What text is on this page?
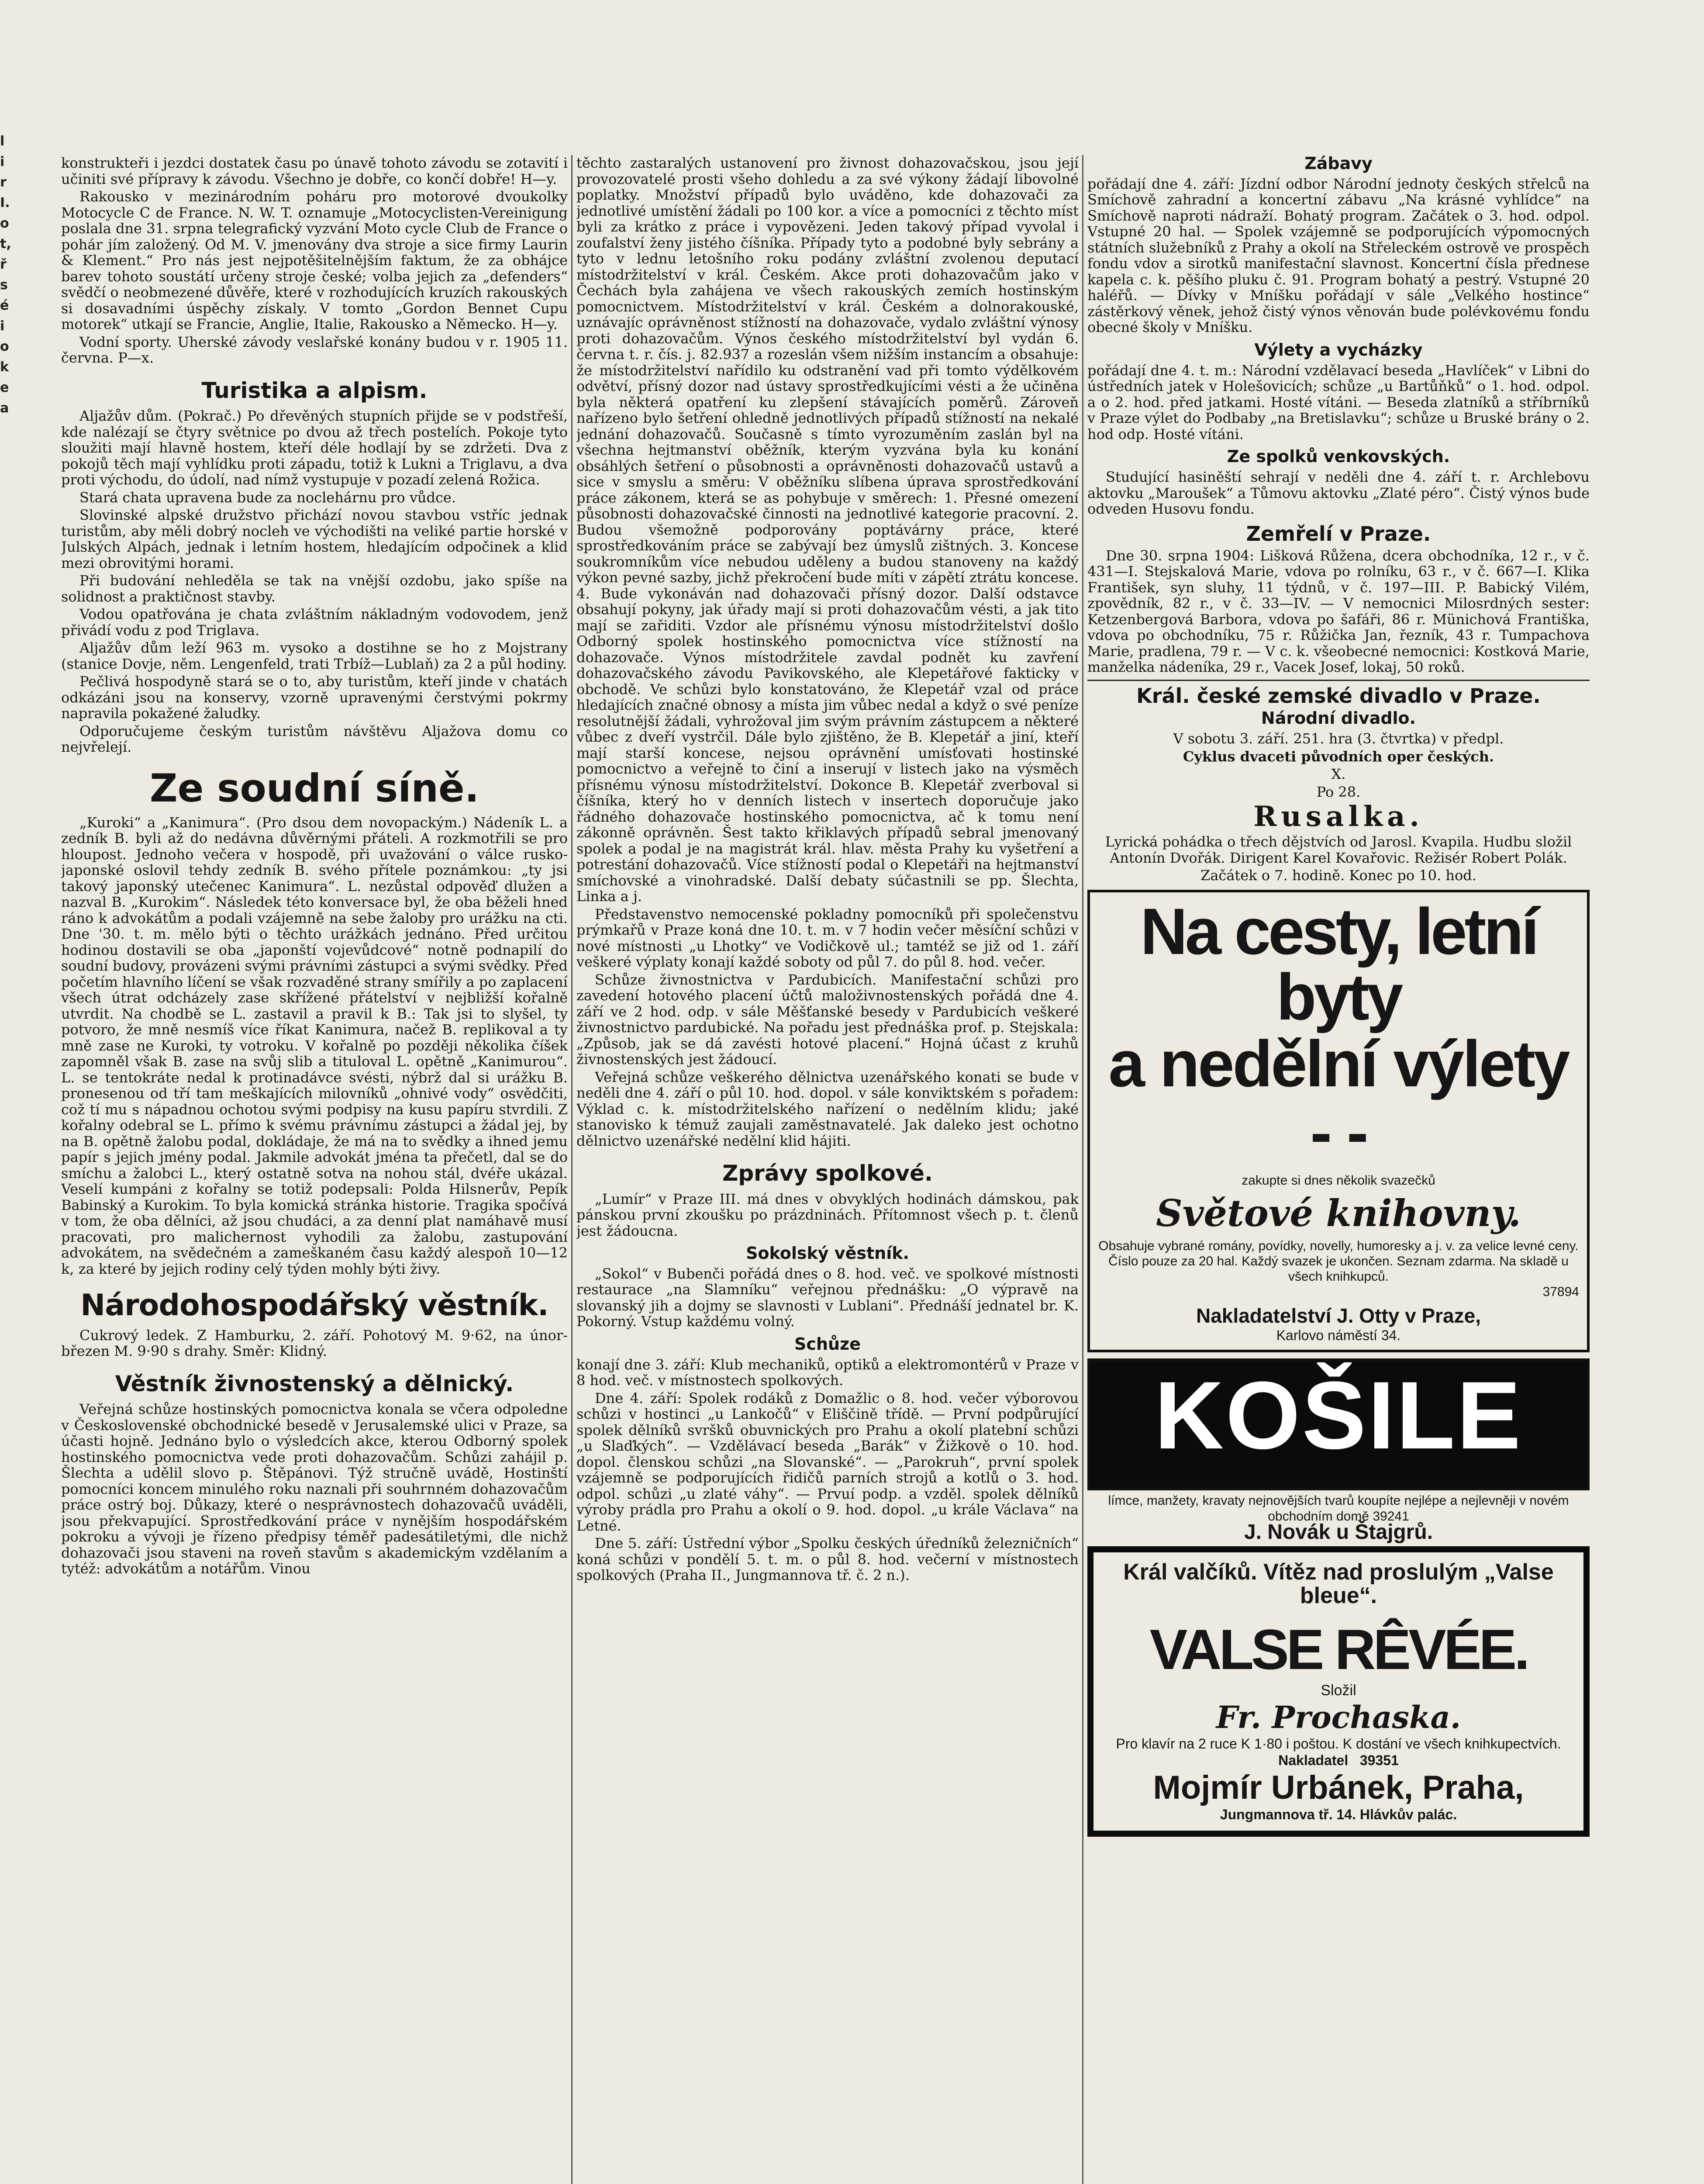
l
i
r
I.
o
t,
ř
s
é
i
o
k
e
a

konstrukteři i jezdci dostatek času po únavě tohoto závodu se zotavití i učiniti své přípravy k závodu. Všechno je dobře, co končí dobře! H—y.

Rakousko v mezinárodním poháru pro motorové dvoukolky Motocycle C de France. N. W. T. oznamuje „Motocyclisten-Vereinigung poslala dne 31. srpna telegrafický vyzvání Moto cycle Club de France o pohár jím založený. Od M. V. jmenovány dva stroje a sice firmy Laurin & Klement.“ Pro nás jest nejpotěšitelnějším faktum, že za obhájce barev tohoto soustátí určeny stroje české; volba jejich za „defenders“ svědčí o neobmezené důvěře, které v rozhodujících kruzích rakouských si dosavadními úspěchy získaly. V tomto „Gordon Bennet Cupu motorek“ utkají se Francie, Anglie, Italie, Rakousko a Německo. H—y.

Vodní sporty. Uherské závody veslařské konány budou v r. 1905 11. června. P—x.

Turistika a alpism.

Aljažův dům. (Pokrač.) Po dřevěných stupních přijde se v podstřeší, kde nalézají se čtyry světnice po dvou až třech postelích. Pokoje tyto sloužiti mají hlavně hostem, kteří déle hodlají by se zdržeti. Dva z pokojů těch mají vyhlídku proti západu, totiž k Lukni a Triglavu, a dva proti východu, do údolí, nad nímž vystupuje v pozadí zelená Rožica.

Stará chata upravena bude za noclehárnu pro vůdce.

Slovinské alpské družstvo přichází novou stavbou vstříc jednak turistům, aby měli dobrý nocleh ve východišti na veliké partie horské v Julských Alpách, jednak i letním hostem, hledajícím odpočinek a klid mezi obrovitými horami.

Při budování nehleděla se tak na vnější ozdobu, jako spíše na solidnost a praktičnost stavby.

Vodou opatřována je chata zvláštním nákladným vodovodem, jenž přivádí vodu z pod Triglava.

Aljažův dům leží 963 m. vysoko a dostihne se ho z Mojstrany (stanice Dovje, něm. Lengenfeld, trati Trbíž—Lublaň) za 2 a půl hodiny.

Pečlivá hospodyně stará se o to, aby turistům, kteří jinde v chatách odkázáni jsou na konservy, vzorně upravenými čerstvými pokrmy napravila pokažené žaludky.

Odporučujeme českým turistům návštěvu Aljažova domu co nejvřelejí.

Ze soudní síně.

„Kuroki“ a „Kanimura“. (Pro dsou dem novopackým.) Nádeník L. a zedník B. byli až do nedávna důvěrnými přáteli. A rozkmotřili se pro hloupost. Jednoho večera v hospodě, při uvažování o válce rusko-japonské oslovil tehdy zedník B. svého přítele poznámkou: „ty jsi takový japonský utečenec Kanimura“. L. nezůstal odpověď dlužen a nazval B. „Kurokim“. Následek této konversace byl, že oba běželi hned ráno k advokátům a podali vzájemně na sebe žaloby pro urážku na cti. Dne '30. t. m. mělo býti o těchto urážkách jednáno. Před určitou hodinou dostavili se oba „japonští vojevůdcové“ notně podnapilí do soudní budovy, provázeni svými právními zástupci a svými svědky. Před početím hlavního líčení se však rozvaděné strany smířily a po zaplacení všech útrat odcházely zase skřížené přátelství v nejbližší kořalně utvrdit. Na chodbě se L. zastavil a pravil k B.: Tak jsi to slyšel, ty potvoro, že mně nesmíš více říkat Kanimura, načež B. replikoval a ty mně zase ne Kuroki, ty votroku. V kořalně po později několika číšek zapomněl však B. zase na svůj slib a tituloval L. opětně „Kanimurou“. L. se tentokráte nedal k protinadávce svésti, nýbrž dal si urážku B. pronesenou od tří tam meškajících milovníků „ohnivé vody“ osvědčiti, což tí mu s nápadnou ochotou svými podpisy na kusu papíru stvrdili. Z kořalny odebral se L. přímo k svému právnímu zástupci a žádal jej, by na B. opětně žalobu podal, dokládaje, že má na to svědky a ihned jemu papír s jejich jmény podal. Jakmile advokát jména ta přečetl, dal se do smíchu a žalobci L., který ostatně sotva na nohou stál, dvéře ukázal. Veselí kumpáni z kořalny se totiž podepsali: Polda Hilsnerův, Pepík Babinský a Kurokim. To byla komická stránka historie. Tragika spočívá v tom, že oba dělníci, až jsou chudáci, a za denní plat namáhavě musí pracovati, pro malichernost vyhodili za žalobu, zastupování advokátem, na svědečném a zameškaném času každý alespoň 10—12 k, za které by jejich rodiny celý týden mohly býti živy.

Národohospodářský věstník.

Cukrový ledek. Z Hamburku, 2. září. Pohotový M. 9·62, na únor-březen M. 9·90 s drahy. Směr: Klidný.

Věstník živnostenský a dělnický.

Veřejná schůze hostinských pomocnictva konala se včera odpoledne v Československé obchodnické besedě v Jerusalemské ulici v Praze, sa účasti hojně. Jednáno bylo o výsledcích akce, kterou Odborný spolek hostinského pomocnictva vede proti dohazovačům. Schůzi zahájil p. Šlechta a udělil slovo p. Štěpánovi. Týž stručně uvádě, Hostinští pomocníci koncem minulého roku naznali při souhrnném dohazovačům práce ostrý boj. Důkazy, které o nesprávnostech dohazovačů uváděli, jsou překvapující. Sprostředkování práce v nynějším hospodářském pokroku a vývoji je řízeno předpisy téměř padesátiletými, dle nichž dohazovači jsou staveni na roveň stavům s akademickým vzdělaním a tytéž: advokátům a notářům. Vinou

těchto zastaralých ustanovení pro živnost dohazovačskou, jsou její provozovatelé prosti všeho dohledu a za své výkony žádají libovolné poplatky. Množství případů bylo uváděno, kde dohazovači za jednotlivé umístění žádali po 100 kor. a více a pomocníci z těchto míst byli za krátko z práce i vypovězeni. Jeden takový případ vyvolal i zoufalství ženy jistého číšníka. Případy tyto a podobné byly sebrány a tyto v lednu letošního roku podány zvláštní zvolenou deputací místodržitelství v král. Českém. Akce proti dohazovačům jako v Čechách byla zahájena ve všech rakouských zemích hostinským pomocnictvem. Místodržitelství v král. Českém a dolnorakouské, uznávajíc oprávněnost stížností na dohazovače, vydalo zvláštní výnosy proti dohazovačům. Výnos českého místodržitelství byl vydán 6. června t. r. čís. j. 82.937 a rozeslán všem nižším instancím a obsahuje: že místodržitelství nařídilo ku odstranění vad při tomto výdělkovém odvětví, přísný dozor nad ústavy sprostředkujícími vésti a že učiněna byla některá opatření ku zlepšení stávajících poměrů. Zároveň nařízeno bylo šetření ohledně jednotlivých případů stížností na nekalé jednání dohazovačů. Současně s tímto vyrozuměním zaslán byl na všechna hejtmanství oběžník, kterým vyzvána byla ku konání obsáhlých šetření o působnosti a oprávněnosti dohazovačů ustavů a sice v smyslu a směru: V oběžníku slíbena úprava sprostředkování práce zákonem, která se as pohybuje v směrech: 1. Přesné omezení působnosti dohazovačské činnosti na jednotlivé kategorie pracovní. 2. Budou všemožně podporovány poptávárny práce, které sprostředkováním práce se zabývají bez úmyslů zištných. 3. Koncese soukromníkům více nebudou uděleny a budou stanoveny na každý výkon pevné sazby, jichž překročení bude míti v zápětí ztrátu koncese. 4. Bude vykonáván nad dohazovači přísný dozor. Další odstavce obsahují pokyny, jak úřady mají si proti dohazovačům vésti, a jak tito mají se zařiditi. Vzdor ale přísnému výnosu místodržitelství došlo Odborný spolek hostinského pomocnictva více stížností na dohazovače. Výnos místodržitele zavdal podnět ku zavření dohazovačského závodu Pavikovského, ale Klepetářové fakticky v obchodě. Ve schůzi bylo konstatováno, že Klepetář vzal od práce hledajících značné obnosy a místa jim vůbec nedal a když o své peníze resolutnější žádali, vyhrožoval jim svým právním zástupcem a některé vůbec z dveří vystrčil. Dále bylo zjištěno, že B. Klepetář a jiní, kteří mají starší koncese, nejsou oprávnění umísťovati hostinské pomocnictvo a veřejně to činí a inserují v listech jako na výsměch přísnému výnosu místodržitelství. Dokonce B. Klepetář zverboval si číšníka, který ho v denních listech v insertech doporučuje jako řádného dohazovače hostinského pomocnictva, ač k tomu není zákonně oprávněn. Šest takto křiklavých případů sebral jmenovaný spolek a podal je na magistrát král. hlav. města Prahy ku vyšetření a potrestání dohazovačů. Více stížností podal o Klepetáři na hejtmanství smíchovské a vinohradské. Další debaty súčastnili se pp. Šlechta, Linka a j.

Představenstvo nemocenské pokladny pomocníků při společenstvu prýmkařů v Praze koná dne 10. t. m. v 7 hodin večer měsíční schůzi v nové místnosti „u Lhotky“ ve Vodičkově ul.; tamtéž se již od 1. září veškeré výplaty konají každé soboty od půl 7. do půl 8. hod. večer.

Schůze živnostnictva v Pardubicích. Manifestační schůzi pro zavedení hotového placení účtů maloživnostenských pořádá dne 4. září ve 2 hod. odp. v sále Měšťanské besedy v Pardubicích veškeré živnostnictvo pardubické. Na pořadu jest přednáška prof. p. Stejskala: „Způsob, jak se dá zavésti hotové placení.“ Hojná účast z kruhů živnostenských jest žádoucí.

Veřejná schůze veškerého dělnictva uzenářského konati se bude v neděli dne 4. září o půl 10. hod. dopol. v sále konviktském s pořadem: Výklad c. k. místodržitelského nařízení o nedělním klidu; jaké stanovisko k témuž zaujali zaměstnavatelé. Jak daleko jest ochotno dělnictvo uzenářské nedělní klid hájiti.

Zprávy spolkové.

„Lumír“ v Praze III. má dnes v obvyklých hodinách dámskou, pak pánskou první zkoušku po prázdninách. Přítomnost všech p. t. členů jest žádoucna.

Sokolský věstník.

„Sokol“ v Bubenči pořádá dnes o 8. hod. več. ve spolkové místnosti restaurace „na Slamníku“ veřejnou přednášku: „O výpravě na slovanský jih a dojmy se slavnosti v Lublani“. Přednáší jednatel br. K. Pokorný. Vstup každému volný.

Schůze

konají dne 3. září: Klub mechaniků, optiků a elektromontérů v Praze v 8 hod. več. v místnostech spolkových.

Dne 4. září: Spolek rodáků z Domažlic o 8. hod. večer výborovou schůzi v hostinci „u Lankočů“ v Eliščině třídě. — První podpůrující spolek dělníků svršků obuvnických pro Prahu a okolí platební schůzi „u Slaďkých“. — Vzdělávací beseda „Barák“ v Žižkově o 10. hod. dopol. členskou schůzi „na Slovanské“. — „Parokruh“, první spolek vzájemně se podporujících řidičů parních strojů a kotlů o 3. hod. odpol. schůzi „u zlaté váhy“. — Prvuí podp. a vzděl. spolek dělníků výroby prádla pro Prahu a okolí o 9. hod. dopol. „u krále Václava“ na Letné.

Dne 5. září: Ústřední výbor „Spolku českých úředníků železničních“ koná schůzi v pondělí 5. t. m. o půl 8. hod. večerní v místnostech spolkových (Praha II., Jungmannova tř. č. 2 n.).

Zábavy

pořádají dne 4. září: Jízdní odbor Národní jednoty českých střelců na Smíchově zahradní a koncertní zábavu „Na krásné vyhlídce“ na Smíchově naproti nádraží. Bohatý program. Začátek o 3. hod. odpol. Vstupné 20 hal. — Spolek vzájemně se podporujících výpomocných státních služebníků z Prahy a okolí na Střeleckém ostrově ve prospěch fondu vdov a sirotků manifestační slavnost. Koncertní čísla přednese kapela c. k. pěšího pluku č. 91. Program bohatý a pestrý. Vstupné 20 haléřů. — Dívky v Mníšku pořádají v sále „Velkého hostince“ zástěrkový věnek, jehož čistý výnos věnován bude polévkovému fondu obecné školy v Mníšku.

Výlety a vycházky

pořádají dne 4. t. m.: Národní vzdělavací beseda „Havlíček“ v Libni do ústředních jatek v Holešovicích; schůze „u Bartůňků“ o 1. hod. odpol. a o 2. hod. před jatkami. Hosté vítáni. — Beseda zlatníků a stříbrníků v Praze výlet do Podbaby „na Bretislavku“; schůze u Bruské brány o 2. hod odp. Hosté vítáni.

Ze spolků venkovských.

Studující hasiněští sehrají v neděli dne 4. září t. r. Archlebovu aktovku „Maroušek“ a Tůmovu aktovku „Zlaté péro“. Čistý výnos bude odveden Husovu fondu.

Zemřelí v Praze.

Dne 30. srpna 1904: Lišková Růžena, dcera obchodníka, 12 r., v č. 431—I. Stejskalová Marie, vdova po rolníku, 63 r., v č. 667—I. Klika František, syn sluhy, 11 týdnů, v č. 197—III. P. Babický Vilém, zpovědník, 82 r., v č. 33—IV. — V nemocnici Milosrdných sester: Ketzenbergová Barbora, vdova po šafáři, 86 r. Münichová Františka, vdova po obchodníku, 75 r. Růžička Jan, řezník, 43 r. Tumpachova Marie, pradlena, 79 r. — V c. k. všeobecné nemocnici: Kostková Marie, manželka nádeníka, 29 r., Vacek Josef, lokaj, 50 roků.

Král. české zemské divadlo v Praze.
Národní divadlo.

V sobotu 3. září. 251. hra (3. čtvrtka) v předpl.

Cyklus dvaceti původních oper českých.

X.

Po 28.

Rusalka.

Lyrická pohádka o třech dějstvích od Jarosl. Kvapila. Hudbu složil Antonín Dvořák. Dirigent Karel Kovařovic. Režisér Robert Polák.

Začátek o 7. hodině. Konec po 10. hod.

Na cesty, letní byty
a nedělní výlety - -
zakupte si dnes několik svazečků
Světové knihovny.
Obsahuje vybrané romány, povídky, novelly, humoresky a j. v. za velice levné ceny. Číslo pouze za 20 hal. Každý svazek je ukončen. Seznam zdarma. Na skladě u všech knihkupců.
37894
Nakladatelství J. Otty v Praze,
Karlovo náměstí 34.
KOŠILE
límce, manžety, kravaty nejnovějších tvarů koupíte nejlépe a nejlevněji v novém obchodním domě 39241
J. Novák u Štajgrů.
Král valčíků. Vítěz nad proslulým „Valse bleue“.
VALSE RÊVÉE.
Složil
Fr. Prochaska.
Pro klavír na 2 ruce K 1·80 i poštou. K dostání ve všech knihkupectvích.
Nakladatel 39351
Mojmír Urbánek, Praha,
Jungmannova tř. 14. Hlávkův palác.
